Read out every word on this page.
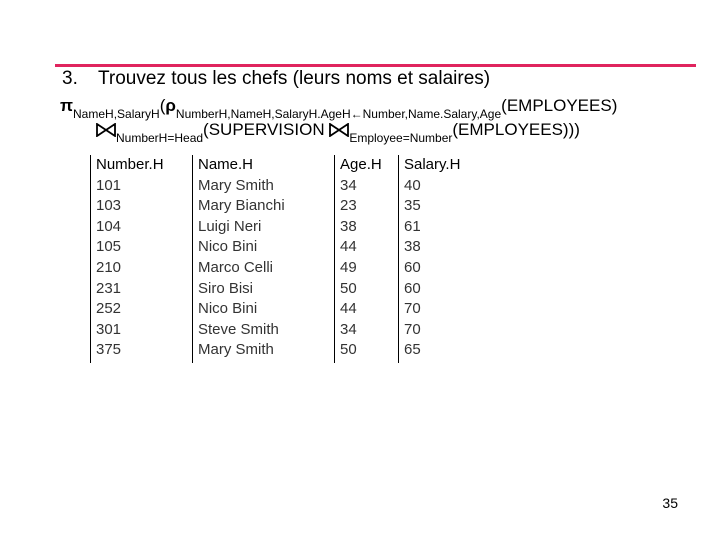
3. Trouvez tous les chefs (leurs noms et salaires)
$\pi_{NameH,SalaryH}(\rho_{NumberH,NameH,SalaryH.AgeH\leftarrow Number,Name.Salary,Age}(EMPLOYEES)$
$_{NumberH=Head}$(SUPERVISION $_{Employee=Number}$(EMPLOYEES)))
Number.H
101
103
104
105
210
231
252
301
375
Name.H
Mary Smith
Mary Bianchi
Luigi Neri
Nico Bini
Marco Celli
Siro Bisi
Nico Bini
Steve Smith
Mary Smith
Age.H
34
23
38
44
49
50
44
34
50
Salary.H
40
35
61
38
60
60
70
70
65
35
